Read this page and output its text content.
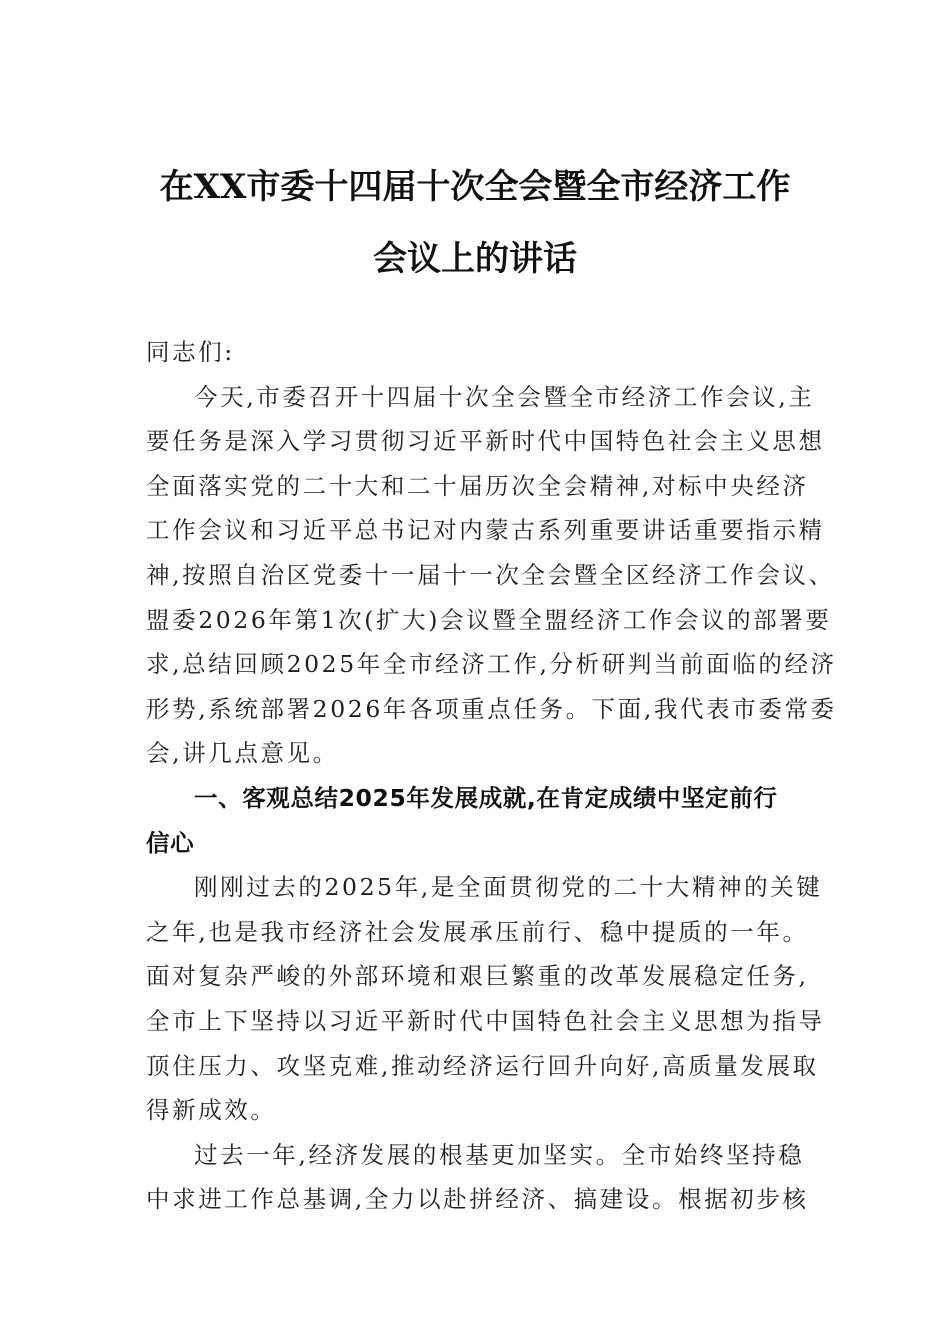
在XX市委十四届十次全会暨全市经济工作
会议上的讲话
同志们:
今天,市委召开十四届十次全会暨全市经济工作会议,主
要任务是深入学习贯彻习近平新时代中国特色社会主义思想
全面落实党的二十大和二十届历次全会精神,对标中央经济
工作会议和习近平总书记对内蒙古系列重要讲话重要指示精
神,按照自治区党委十一届十一次全会暨全区经济工作会议、
盟委2026年第1次(扩大)会议暨全盟经济工作会议的部署要
求,总结回顾2025年全市经济工作,分析研判当前面临的经济
形势,系统部署2026年各项重点任务。下面,我代表市委常委
会,讲几点意见。
一、客观总结2025年发展成就,在肯定成绩中坚定前行
信心
刚刚过去的2025年,是全面贯彻党的二十大精神的关键
之年,也是我市经济社会发展承压前行、稳中提质的一年。
面对复杂严峻的外部环境和艰巨繁重的改革发展稳定任务,
全市上下坚持以习近平新时代中国特色社会主义思想为指导
顶住压力、攻坚克难,推动经济运行回升向好,高质量发展取
得新成效。
过去一年,经济发展的根基更加坚实。全市始终坚持稳
中求进工作总基调,全力以赴拼经济、搞建设。根据初步核
